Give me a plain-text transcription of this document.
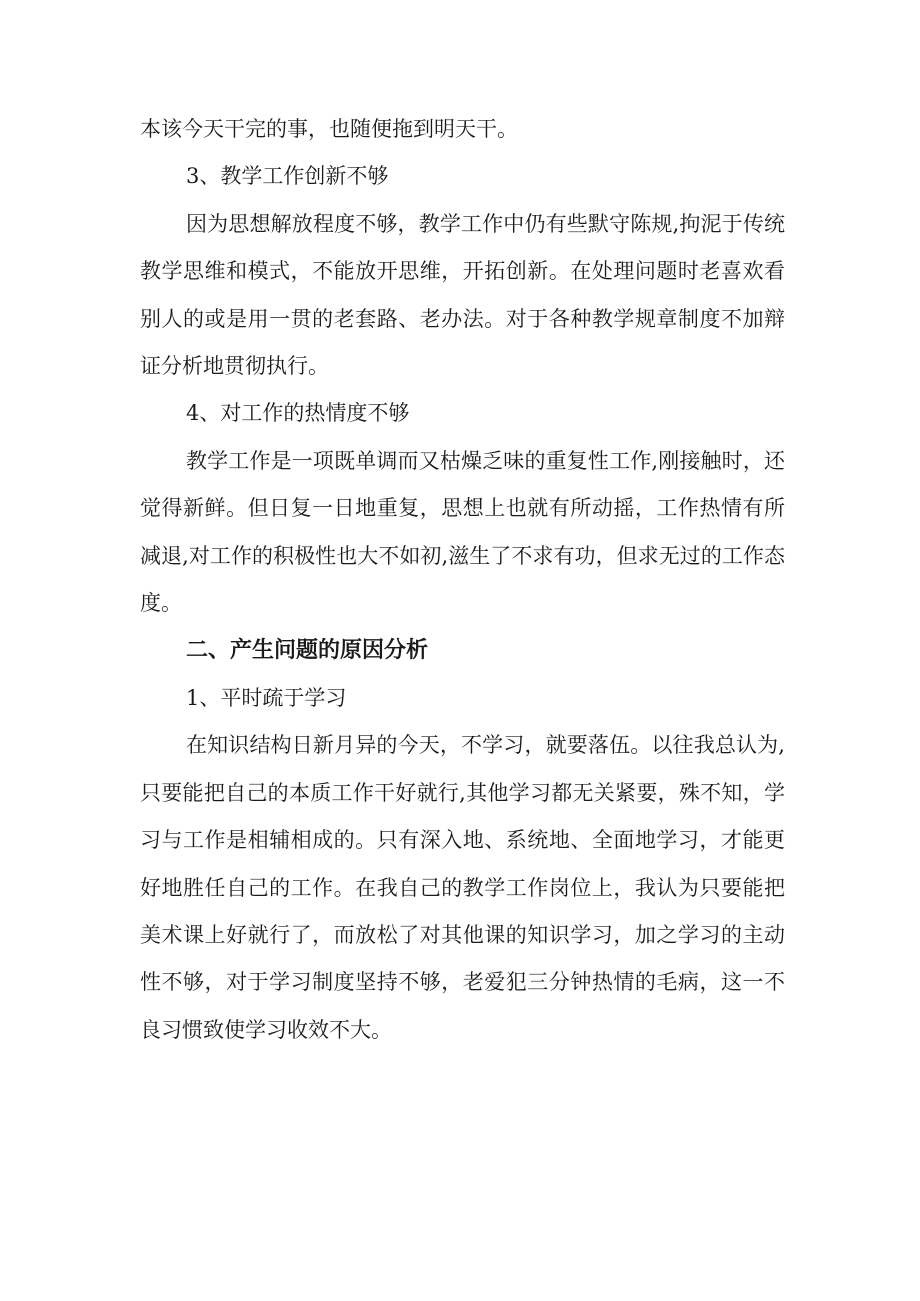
本该今天干完的事，也随便拖到明天干。

3、教学工作创新不够

因为思想解放程度不够，教学工作中仍有些默守陈规,拘泥于传统教学思维和模式，不能放开思维，开拓创新。在处理问题时老喜欢看别人的或是用一贯的老套路、老办法。对于各种教学规章制度不加辩证分析地贯彻执行。

4、对工作的热情度不够

教学工作是一项既单调而又枯燥乏味的重复性工作,刚接触时，还觉得新鲜。但日复一日地重复，思想上也就有所动摇，工作热情有所减退,对工作的积极性也大不如初,滋生了不求有功，但求无过的工作态度。

二、产生问题的原因分析

1、平时疏于学习

在知识结构日新月异的今天，不学习，就要落伍。以往我总认为,只要能把自己的本质工作干好就行,其他学习都无关紧要，殊不知，学习与工作是相辅相成的。只有深入地、系统地、全面地学习，才能更好地胜任自己的工作。在我自己的教学工作岗位上，我认为只要能把美术课上好就行了，而放松了对其他课的知识学习，加之学习的主动性不够，对于学习制度坚持不够，老爱犯三分钟热情的毛病，这一不良习惯致使学习收效不大。
